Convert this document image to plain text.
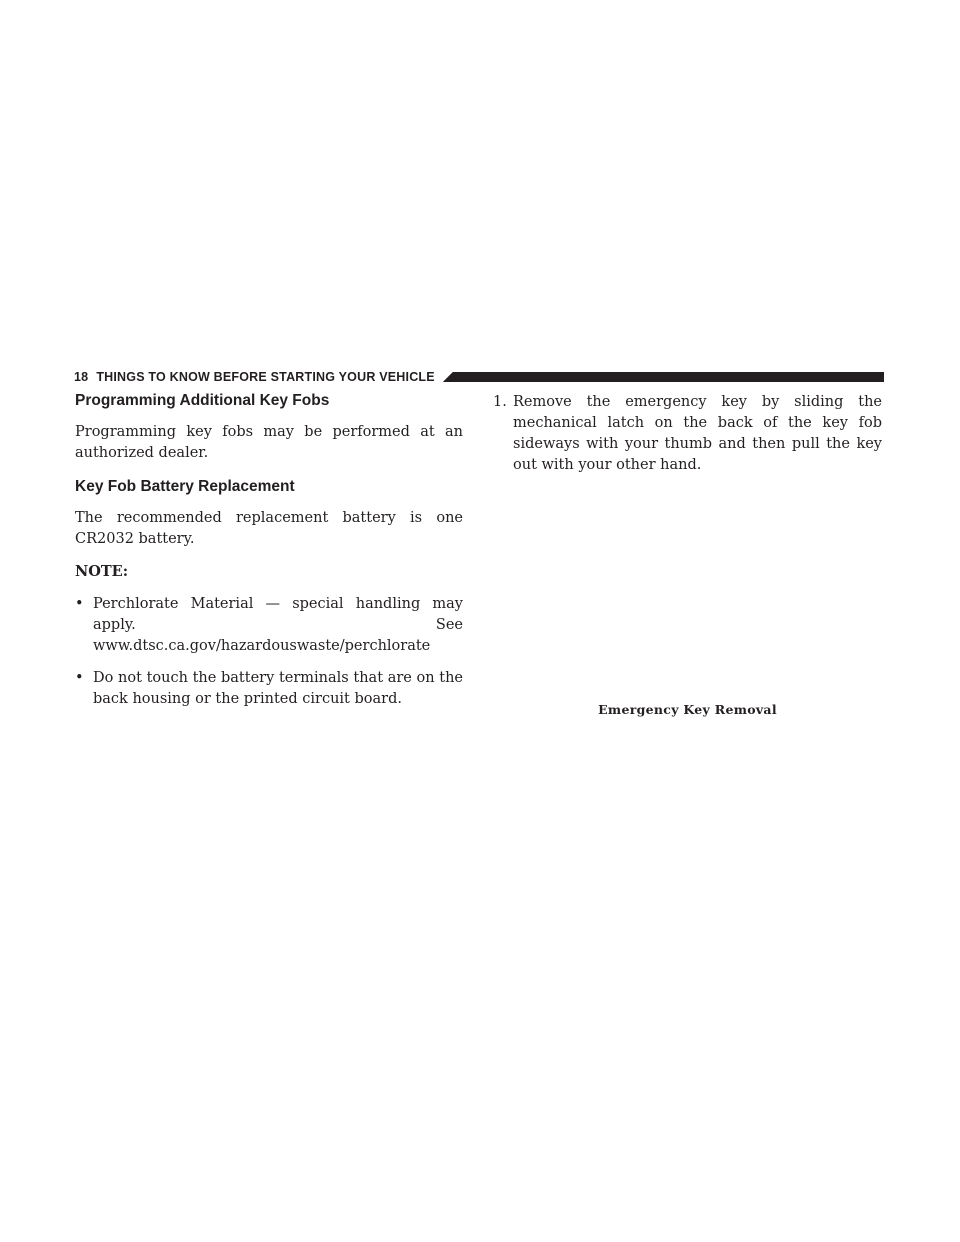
18 THINGS TO KNOW BEFORE STARTING YOUR VEHICLE
Programming Additional Key Fobs

Programming key fobs may be performed at an authorized dealer.

Key Fob Battery Replacement

The recommended replacement battery is one CR2032 battery.

NOTE:

• Perchlorate Material — special handling may apply. See www.dtsc.ca.gov/hazardouswaste/perchlorate
• Do not touch the battery terminals that are on the back housing or the printed circuit board.
1. Remove the emergency key by sliding the mechanical latch on the back of the key fob sideways with your thumb and then pull the key out with your other hand.
Emergency Key Removal
